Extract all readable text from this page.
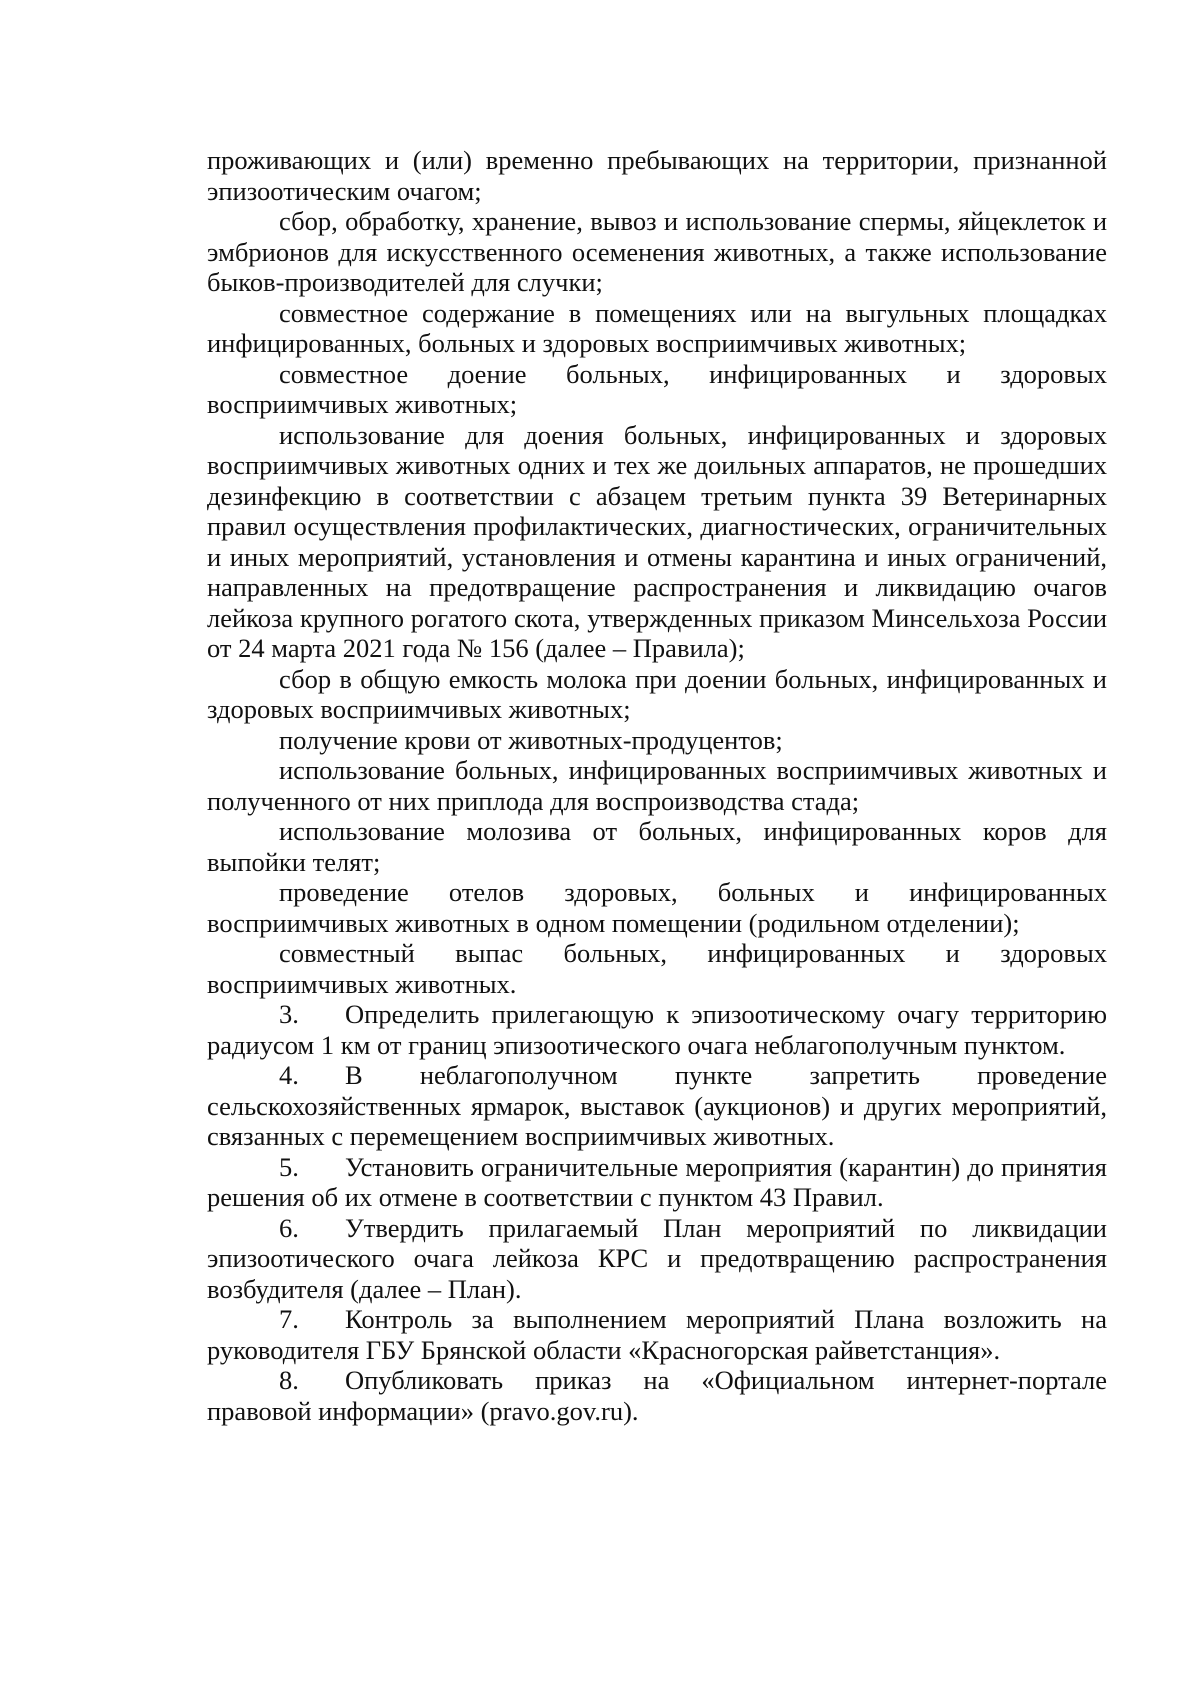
проживающих и (или) временно пребывающих на территории, признанной эпизоотическим очагом;

сбор, обработку, хранение, вывоз и использование спермы, яйцеклеток и эмбрионов для искусственного осеменения животных, а также использование быков-производителей для случки;

совместное содержание в помещениях или на выгульных площадках инфицированных, больных и здоровых восприимчивых животных;

совместное доение больных, инфицированных и здоровых восприимчивых животных;

использование для доения больных, инфицированных и здоровых восприимчивых животных одних и тех же доильных аппаратов, не прошедших дезинфекцию в соответствии с абзацем третьим пункта 39 Ветеринарных правил осуществления профилактических, диагностических, ограничительных и иных мероприятий, установления и отмены карантина и иных ограничений, направленных на предотвращение распространения и ликвидацию очагов лейкоза крупного рогатого скота, утвержденных приказом Минсельхоза России от 24 марта 2021 года № 156 (далее – Правила);

сбор в общую емкость молока при доении больных, инфицированных и здоровых восприимчивых животных;

получение крови от животных-продуцентов;

использование больных, инфицированных восприимчивых животных и полученного от них приплода для воспроизводства стада;

использование молозива от больных, инфицированных коров для выпойки телят;

проведение отелов здоровых, больных и инфицированных восприимчивых животных в одном помещении (родильном отделении);

совместный выпас больных, инфицированных и здоровых восприимчивых животных.

3. Определить прилегающую к эпизоотическому очагу территорию радиусом 1 км от границ эпизоотического очага неблагополучным пунктом.

4. В неблагополучном пункте запретить проведение сельскохозяйственных ярмарок, выставок (аукционов) и других мероприятий, связанных с перемещением восприимчивых животных.

5. Установить ограничительные мероприятия (карантин) до принятия решения об их отмене в соответствии с пунктом 43 Правил.

6. Утвердить прилагаемый План мероприятий по ликвидации эпизоотического очага лейкоза КРС и предотвращению распространения возбудителя (далее – План).

7. Контроль за выполнением мероприятий Плана возложить на руководителя ГБУ Брянской области «Красногорская райветстанция».

8. Опубликовать приказ на «Официальном интернет-портале правовой информации» (pravo.gov.ru).
